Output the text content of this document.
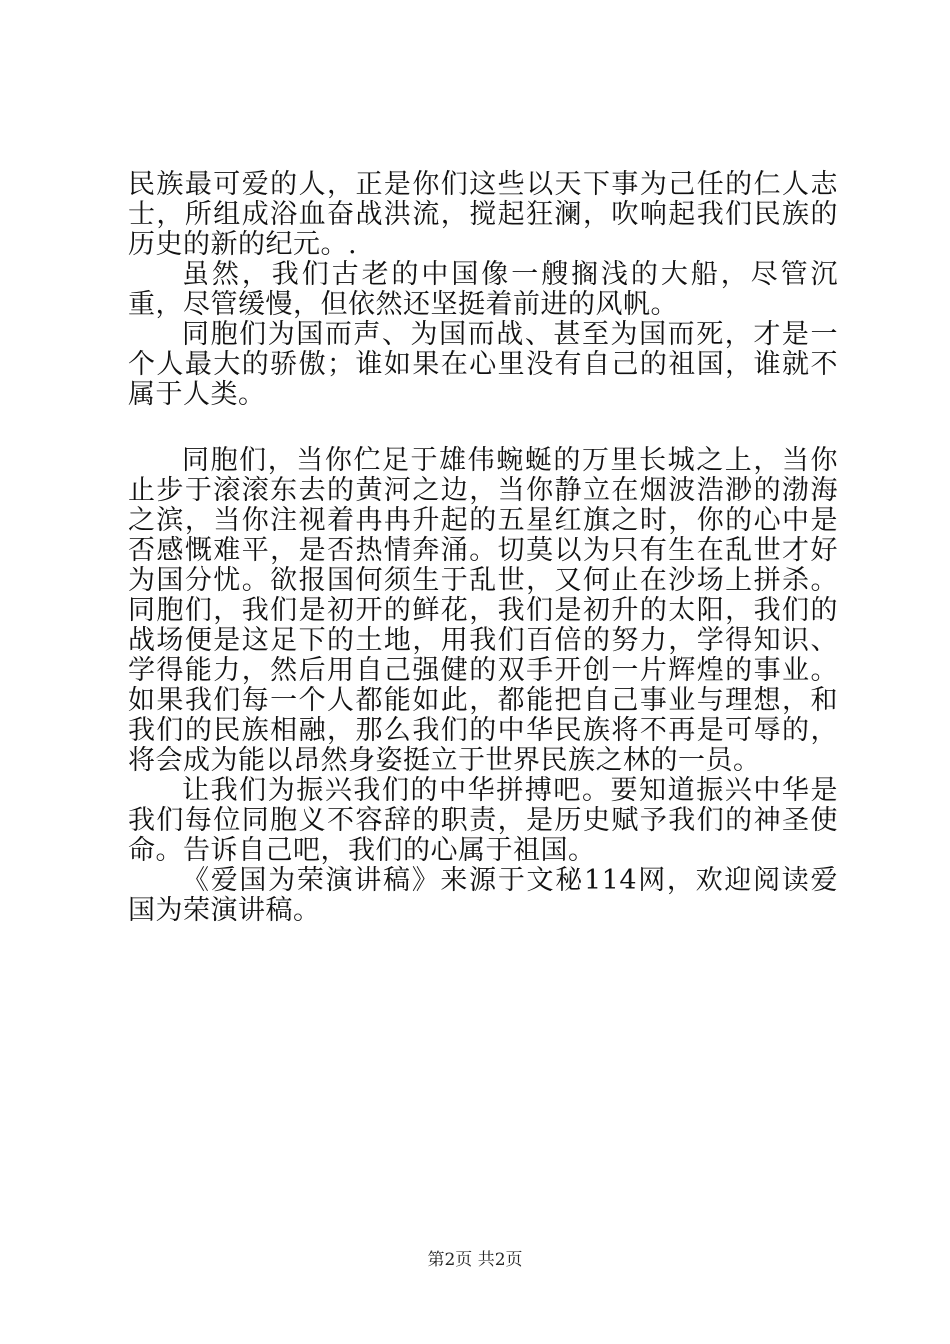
民族最可爱的人，正是你们这些以天下事为己任的仁人志士，所组成浴血奋战洪流，搅起狂澜，吹响起我们民族的历史的新的纪元。.

虽然，我们古老的中国像一艘搁浅的大船，尽管沉重，尽管缓慢，但依然还坚挺着前进的风帆。

同胞们为国而声、为国而战、甚至为国而死，才是一个人最大的骄傲；谁如果在心里没有自己的祖国，谁就不属于人类。

同胞们，当你伫足于雄伟蜿蜒的万里长城之上，当你止步于滚滚东去的黄河之边，当你静立在烟波浩渺的渤海之滨，当你注视着冉冉升起的五星红旗之时，你的心中是否感慨难平，是否热情奔涌。切莫以为只有生在乱世才好为国分忧。欲报国何须生于乱世，又何止在沙场上拼杀。同胞们，我们是初开的鲜花，我们是初升的太阳，我们的战场便是这足下的土地，用我们百倍的努力，学得知识、学得能力，然后用自己强健的双手开创一片辉煌的事业。如果我们每一个人都能如此，都能把自己事业与理想，和我们的民族相融，那么我们的中华民族将不再是可辱的，将会成为能以昂然身姿挺立于世界民族之林的一员。

让我们为振兴我们的中华拼搏吧。要知道振兴中华是我们每位同胞义不容辞的职责，是历史赋予我们的神圣使命。告诉自己吧，我们的心属于祖国。

《爱国为荣演讲稿》来源于文秘114网，欢迎阅读爱国为荣演讲稿。

第2页 共2页
